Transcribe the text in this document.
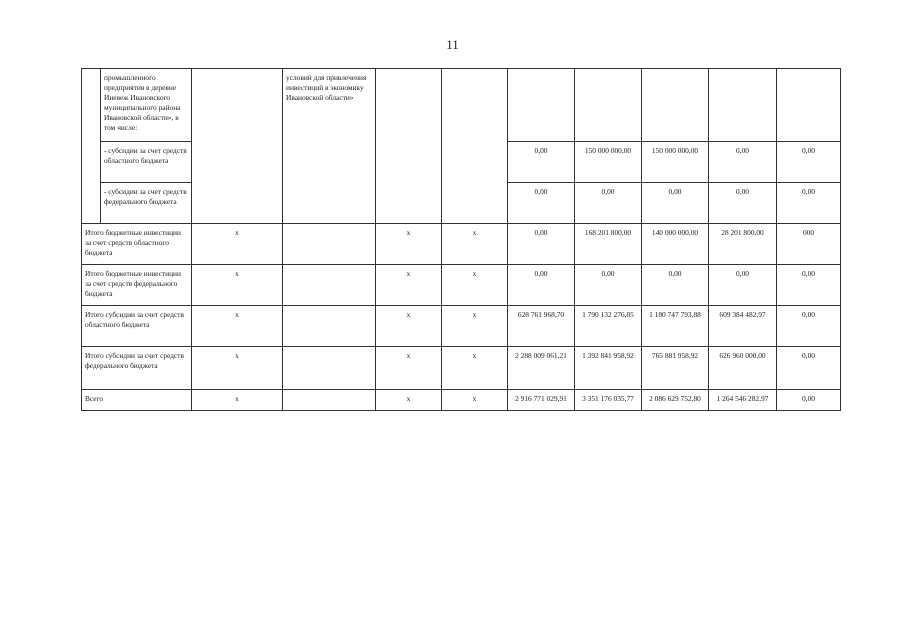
11
	промышленного предприятия в деревне Иневеж Ивановского муниципального района Ивановской области», в том числе:		условий для привлечения инвестиций в экономику Ивановской области»							
	- субсидии за счет средств областного бюджета					0,00	150 000 000,00	150 000 000,00	0,00	0,00
	- субсидии за счет средств федерального бюджета					0,00	0,00	0,00	0,00	0,00
Итого бюджетные инвестиции за счет средств областного бюджета		x		x	x	0,00	168 201 800,00	140 000 000,00	28 201 800,00	000
Итого бюджетные инвестиции за счет средств федерального бюджета		x		x	x	0,00	0,00	0,00	0,00	0,00
Итого субсидии за счет средств областного бюджета		x		x	x	628 761 968,70	1 790 132 276,85	1 180 747 793,88	609 384 482,97	0,00
Итого субсидии за счет средств федерального бюджета		x		x	x	2 288 009 061,21	1 392 841 958,92	765 881 958,92	626 960 000,00	0,00
Всего		x		x	x	2 916 771 029,91	3 351 176 035,77	2 086 629 752,80	1 264 546 282,97	0,00
